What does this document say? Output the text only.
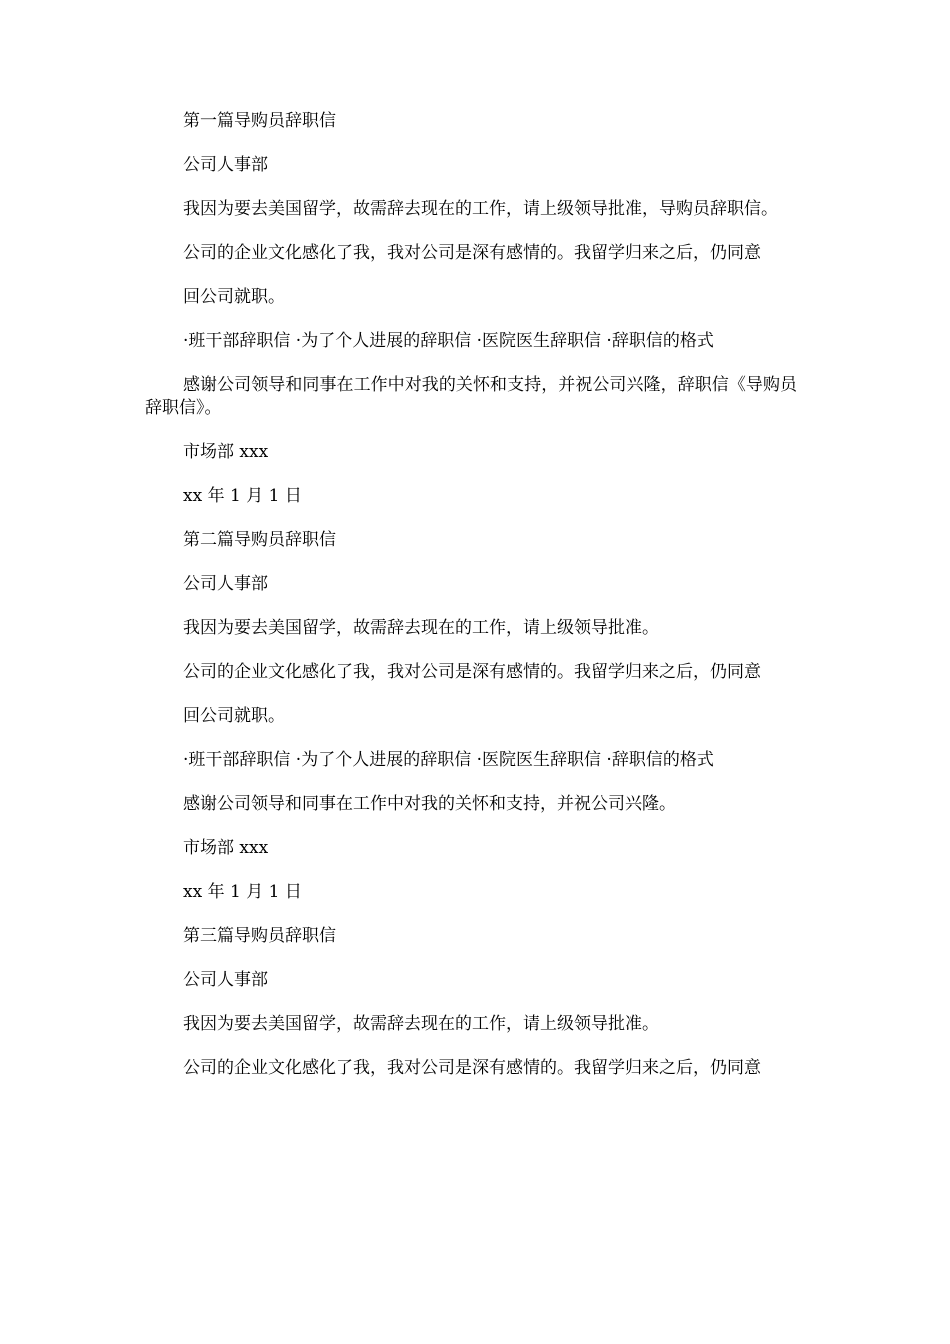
第一篇导购员辞职信

公司人事部

我因为要去美国留学，故需辞去现在的工作，请上级领导批准，导购员辞职信。

公司的企业文化感化了我，我对公司是深有感情的。我留学归来之后，仍同意

回公司就职。

·班干部辞职信 ·为了个人进展的辞职信 ·医院医生辞职信 ·辞职信的格式

感谢公司领导和同事在工作中对我的关怀和支持，并祝公司兴隆，辞职信《导购员辞职信》。

市场部 xxx

xx 年 1 月 1 日

第二篇导购员辞职信

公司人事部

我因为要去美国留学，故需辞去现在的工作，请上级领导批准。

公司的企业文化感化了我，我对公司是深有感情的。我留学归来之后，仍同意

回公司就职。

·班干部辞职信 ·为了个人进展的辞职信 ·医院医生辞职信 ·辞职信的格式

感谢公司领导和同事在工作中对我的关怀和支持，并祝公司兴隆。

市场部 xxx

xx 年 1 月 1 日

第三篇导购员辞职信

公司人事部

我因为要去美国留学，故需辞去现在的工作，请上级领导批准。

公司的企业文化感化了我，我对公司是深有感情的。我留学归来之后，仍同意
